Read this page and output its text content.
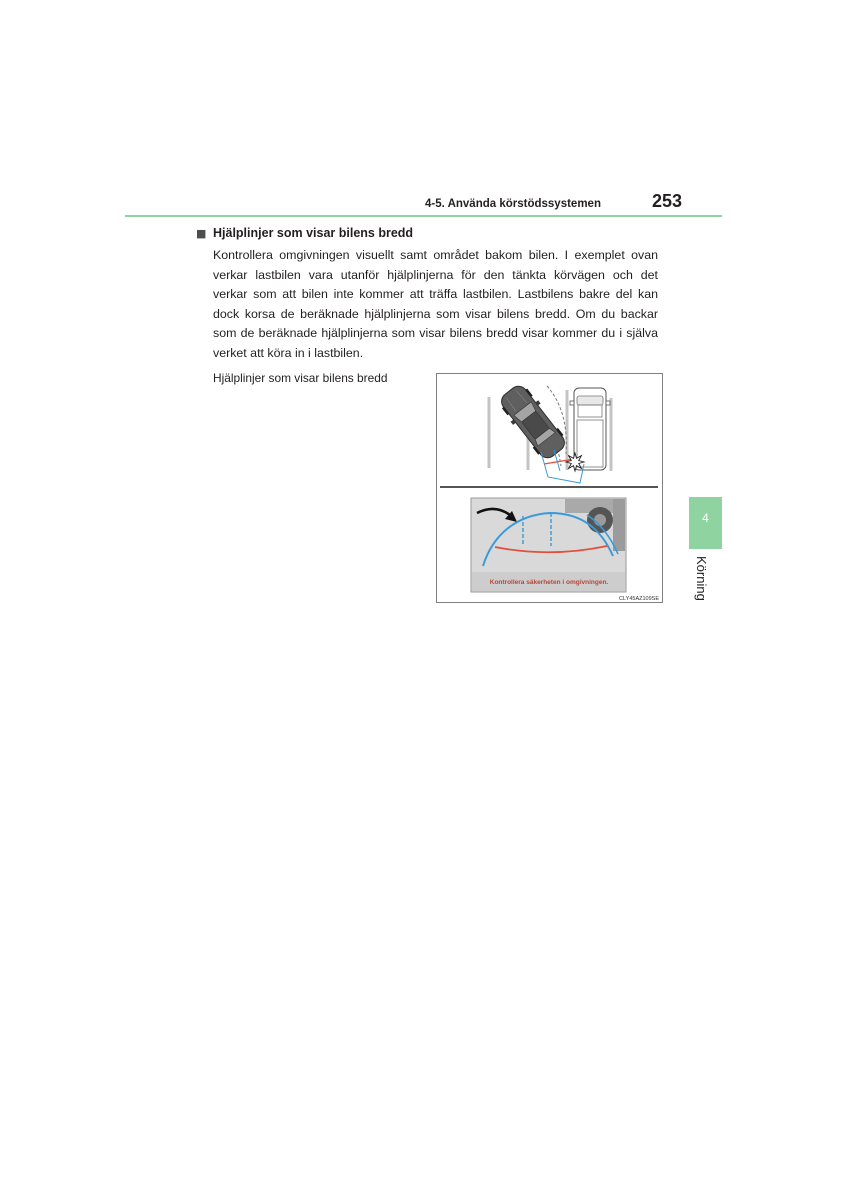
4-5. Använda körstödssystemen	253
■ Hjälplinjer som visar bilens bredd
Kontrollera omgivningen visuellt samt området bakom bilen. I exemplet ovan
verkar lastbilen vara utanför hjälplinjerna för den tänkta körvägen och det
verkar som att bilen inte kommer att träffa lastbilen. Lastbilens bakre del kan
dock korsa de beräknade hjälplinjerna som visar bilens bredd. Om du backar
som de beräknade hjälplinjerna som visar bilens bredd visar kommer du i själva
verket att köra in i lastbilen.
Hjälplinjer som visar bilens bredd
Kontrollera säkerheten i omgivningen.
CLY45AZ109SE
4
Körning
